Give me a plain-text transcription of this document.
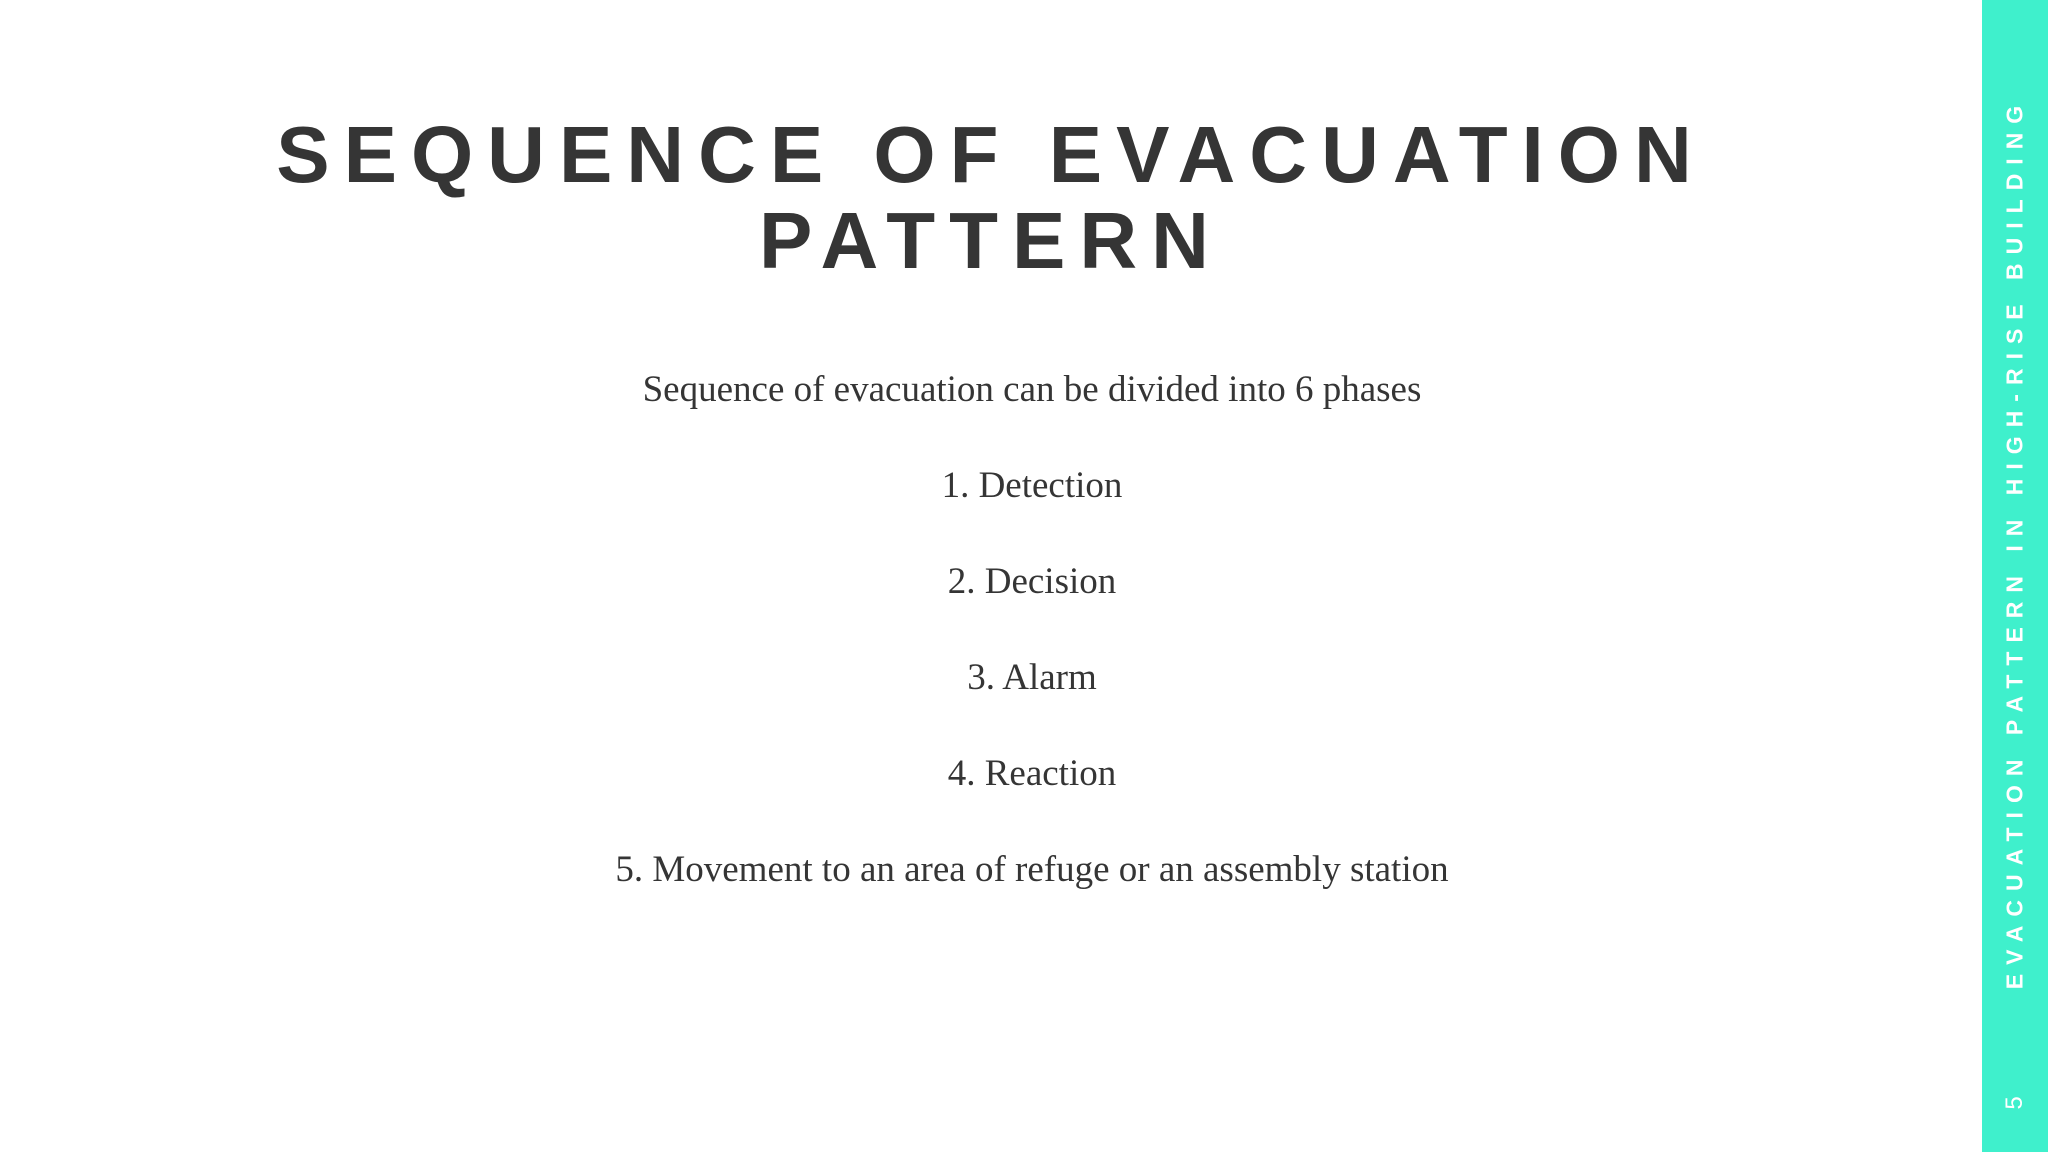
SEQUENCE OF EVACUATION PATTERN

Sequence of evacuation can be divided into 6 phases

1. Detection

2. Decision

3. Alarm

4. Reaction

5. Movement to an area of refuge or an assembly station	EVACUATION PATTERN IN HIGH-RISE BUILDING
5
